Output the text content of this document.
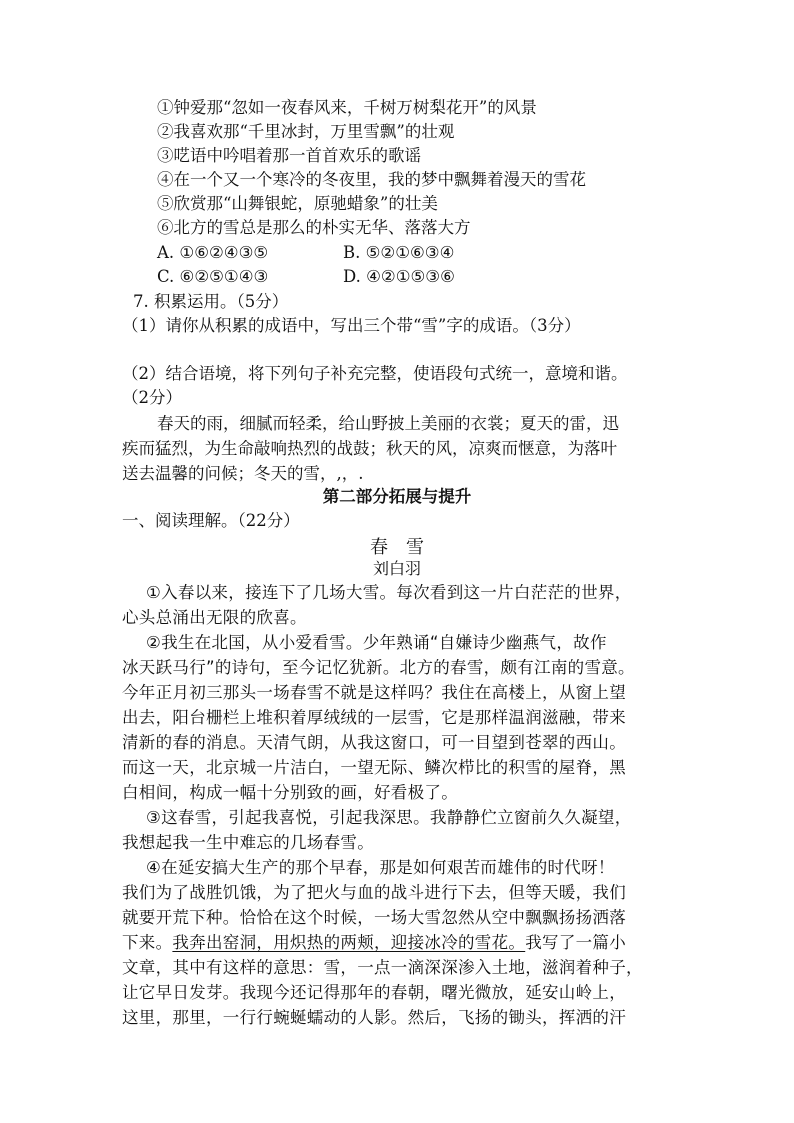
①钟爱那“忽如一夜春风来，千树万树梨花开”的风景
②我喜欢那“千里冰封，万里雪飘”的壮观
③呓语中吟唱着那一首首欢乐的歌谣
④在一个又一个寒冷的冬夜里，我的梦中飘舞着漫天的雪花
⑤欣赏那“山舞银蛇，原驰蜡象”的壮美
⑥北方的雪总是那么的朴实无华、落落大方
A. ①⑥②④③⑤	B. ⑤②①⑥③④
C. ⑥②⑤①④③	D. ④②①⑤③⑥
7. 积累运用。（5分）
（1）请你从积累的成语中，写出三个带“雪”字的成语。（3分）
（2）结合语境，将下列句子补充完整，使语段句式统一，意境和谐。
（2分）
春天的雨，细腻而轻柔，给山野披上美丽的衣裳；夏天的雷，迅
疾而猛烈，为生命敲响热烈的战鼓；秋天的风，凉爽而惬意，为落叶
送去温馨的问候；冬天的雪，,，.
第二部分拓展与提升
一、阅读理解。（22分）
春　雪
刘白羽
①入春以来，接连下了几场大雪。每次看到这一片白茫茫的世界，
心头总涌出无限的欣喜。
②我生在北国，从小爱看雪。少年熟诵“自嫌诗少幽燕气，故作
冰天跃马行”的诗句，至今记忆犹新。北方的春雪，颇有江南的雪意。
今年正月初三那头一场春雪不就是这样吗？我住在高楼上，从窗上望
出去，阳台栅栏上堆积着厚绒绒的一层雪，它是那样温润滋融，带来
清新的春的消息。天清气朗，从我这窗口，可一目望到苍翠的西山。
而这一天，北京城一片洁白，一望无际、鳞次栉比的积雪的屋脊，黑
白相间，构成一幅十分别致的画，好看极了。
③这春雪，引起我喜悦，引起我深思。我静静伫立窗前久久凝望，
我想起我一生中难忘的几场春雪。
④在延安搞大生产的那个早春，那是如何艰苦而雄伟的时代呀！
我们为了战胜饥饿，为了把火与血的战斗进行下去，但等天暖，我们
就要开荒下种。恰恰在这个时候，一场大雪忽然从空中飘飘扬扬洒落
下来。我奔出窑洞，用炽热的两颊，迎接冰冷的雪花。我写了一篇小
文章，其中有这样的意思：雪，一点一滴深深渗入土地，滋润着种子，
让它早日发芽。我现今还记得那年的春朝，曙光微放，延安山岭上，
这里，那里，一行行蜿蜒蠕动的人影。然后，飞扬的锄头，挥洒的汗
